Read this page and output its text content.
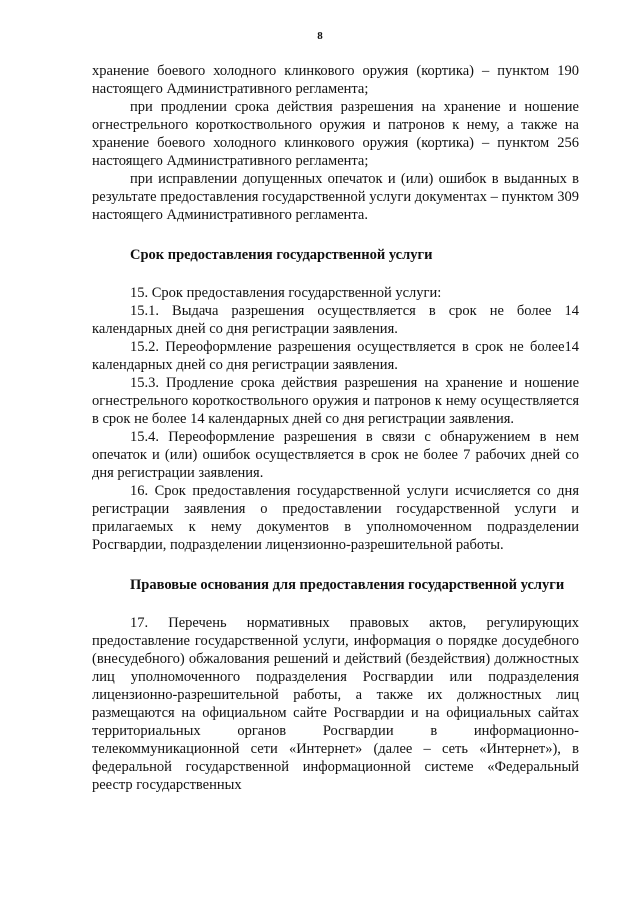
8

хранение боевого холодного клинкового оружия (кортика) – пунктом 190 настоящего Административного регламента;

при продлении срока действия разрешения на хранение и ношение огнестрельного короткоствольного оружия и патронов к нему, а также на хранение боевого холодного клинкового оружия (кортика) – пунктом 256 настоящего Административного регламента;

при исправлении допущенных опечаток и (или) ошибок в выданных в результате предоставления государственной услуги документах – пунктом 309 настоящего Административного регламента.

Срок предоставления государственной услуги

15. Срок предоставления государственной услуги:

15.1. Выдача разрешения осуществляется в срок не более 14 календарных дней со дня регистрации заявления.

15.2. Переоформление разрешения осуществляется в срок не более14 календарных дней со дня регистрации заявления.

15.3. Продление срока действия разрешения на хранение и ношение огнестрельного короткоствольного оружия и патронов к нему осуществляется в срок не более 14 календарных дней со дня регистрации заявления.

15.4. Переоформление разрешения в связи с обнаружением в нем опечаток и (или) ошибок осуществляется в срок не более 7 рабочих дней со дня регистрации заявления.

16. Срок предоставления государственной услуги исчисляется со дня регистрации заявления о предоставлении государственной услуги и прилагаемых к нему документов в уполномоченном подразделении Росгвардии, подразделении лицензионно-разрешительной работы.

Правовые основания для предоставления государственной услуги

17. Перечень нормативных правовых актов, регулирующих предоставление государственной услуги, информация о порядке досудебного (внесудебного) обжалования решений и действий (бездействия) должностных лиц уполномоченного подразделения Росгвардии или подразделения лицензионно-разрешительной работы, а также их должностных лиц размещаются на официальном сайте Росгвардии и на официальных сайтах территориальных органов Росгвардии в информационно-телекоммуникационной сети «Интернет» (далее – сеть «Интернет»), в федеральной государственной информационной системе «Федеральный реестр государственных
